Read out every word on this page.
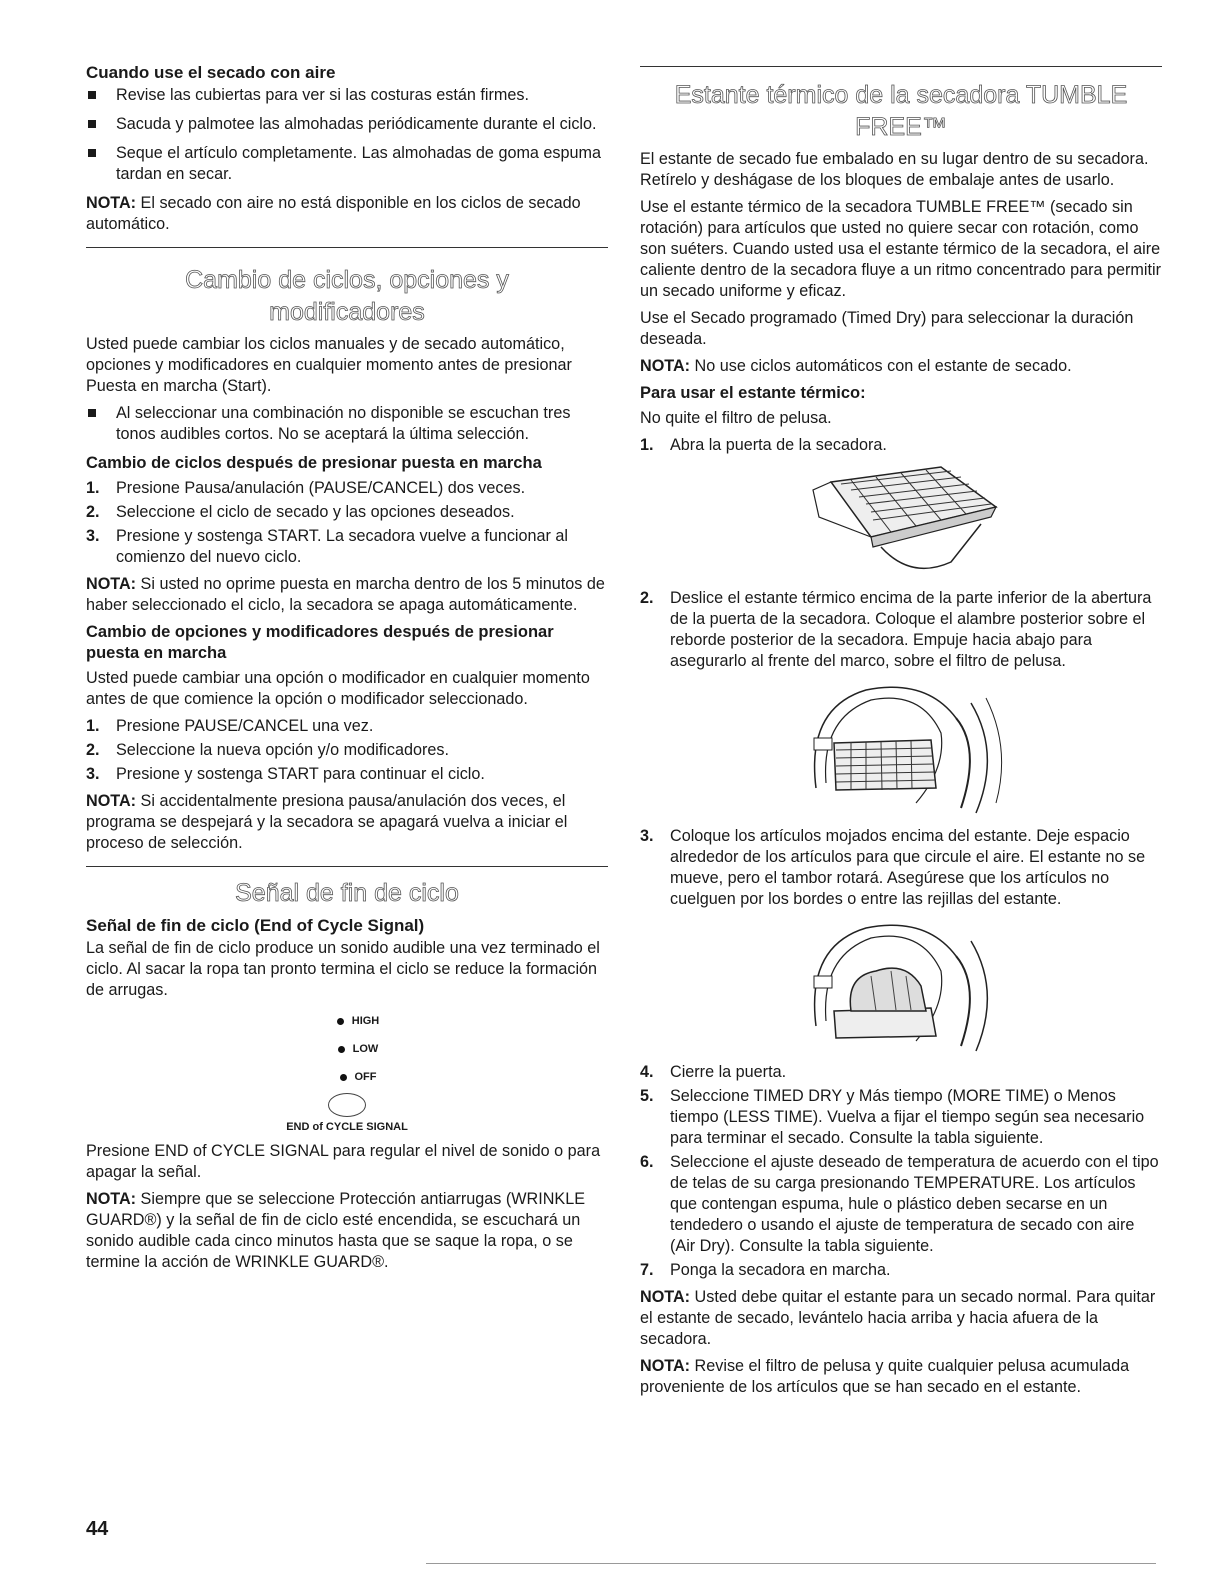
Cuando use el secado con aire
Revise las cubiertas para ver si las costuras están firmes.
Sacuda y palmotee las almohadas periódicamente durante el ciclo.
Seque el artículo completamente. Las almohadas de goma espuma tardan en secar.

NOTA: El secado con aire no está disponible en los ciclos de secado automático.

Cambio de ciclos, opciones y modificadores

Usted puede cambiar los ciclos manuales y de secado automático, opciones y modificadores en cualquier momento antes de presionar Puesta en marcha (Start).

Al seleccionar una combinación no disponible se escuchan tres tonos audibles cortos. No se aceptará la última selección.
Cambio de ciclos después de presionar puesta en marcha
1. Presione Pausa/anulación (PAUSE/CANCEL) dos veces.
2. Seleccione el ciclo de secado y las opciones deseados.
3. Presione y sostenga START. La secadora vuelve a funcionar al comienzo del nuevo ciclo.

NOTA: Si usted no oprime puesta en marcha dentro de los 5 minutos de haber seleccionado el ciclo, la secadora se apaga automáticamente.

Cambio de opciones y modificadores después de presionar puesta en marcha

Usted puede cambiar una opción o modificador en cualquier momento antes de que comience la opción o modificador seleccionado.

1. Presione PAUSE/CANCEL una vez.
2. Seleccione la nueva opción y/o modificadores.
3. Presione y sostenga START para continuar el ciclo.

NOTA: Si accidentalmente presiona pausa/anulación dos veces, el programa se despejará y la secadora se apagará vuelva a iniciar el proceso de selección.

Señal de fin de ciclo
Señal de fin de ciclo (End of Cycle Signal)

La señal de fin de ciclo produce un sonido audible una vez terminado el ciclo. Al sacar la ropa tan pronto termina el ciclo se reduce la formación de arrugas.

HIGH
LOW
OFF
END of CYCLE SIGNAL

Presione END of CYCLE SIGNAL para regular el nivel de sonido o para apagar la señal.

NOTA: Siempre que se seleccione Protección antiarrugas (WRINKLE GUARD®) y la señal de fin de ciclo esté encendida, se escuchará un sonido audible cada cinco minutos hasta que se saque la ropa, o se termine la acción de WRINKLE GUARD®.

Estante térmico de la secadora TUMBLE FREE™

El estante de secado fue embalado en su lugar dentro de su secadora. Retírelo y deshágase de los bloques de embalaje antes de usarlo.

Use el estante térmico de la secadora TUMBLE FREE™ (secado sin rotación) para artículos que usted no quiere secar con rotación, como son suéters. Cuando usted usa el estante térmico de la secadora, el aire caliente dentro de la secadora fluye a un ritmo concentrado para permitir un secado uniforme y eficaz.

Use el Secado programado (Timed Dry) para seleccionar la duración deseada.

NOTA: No use ciclos automáticos con el estante de secado.

Para usar el estante térmico:

No quite el filtro de pelusa.

1. Abra la puerta de la secadora.
2. Deslice el estante térmico encima de la parte inferior de la abertura de la puerta de la secadora. Coloque el alambre posterior sobre el reborde posterior de la secadora. Empuje hacia abajo para asegurarlo al frente del marco, sobre el filtro de pelusa.
3. Coloque los artículos mojados encima del estante. Deje espacio alrededor de los artículos para que circule el aire. El estante no se mueve, pero el tambor rotará. Asegúrese que los artículos no cuelguen por los bordes o entre las rejillas del estante.
4. Cierre la puerta.
5. Seleccione TIMED DRY y Más tiempo (MORE TIME) o Menos tiempo (LESS TIME). Vuelva a fijar el tiempo según sea necesario para terminar el secado. Consulte la tabla siguiente.
6. Seleccione el ajuste deseado de temperatura de acuerdo con el tipo de telas de su carga presionando TEMPERATURE. Los artículos que contengan espuma, hule o plástico deben secarse en un tendedero o usando el ajuste de temperatura de secado con aire (Air Dry). Consulte la tabla siguiente.
7. Ponga la secadora en marcha.

NOTA: Usted debe quitar el estante para un secado normal. Para quitar el estante de secado, levántelo hacia arriba y hacia afuera de la secadora.

NOTA: Revise el filtro de pelusa y quite cualquier pelusa acumulada proveniente de los artículos que se han secado en el estante.

44
